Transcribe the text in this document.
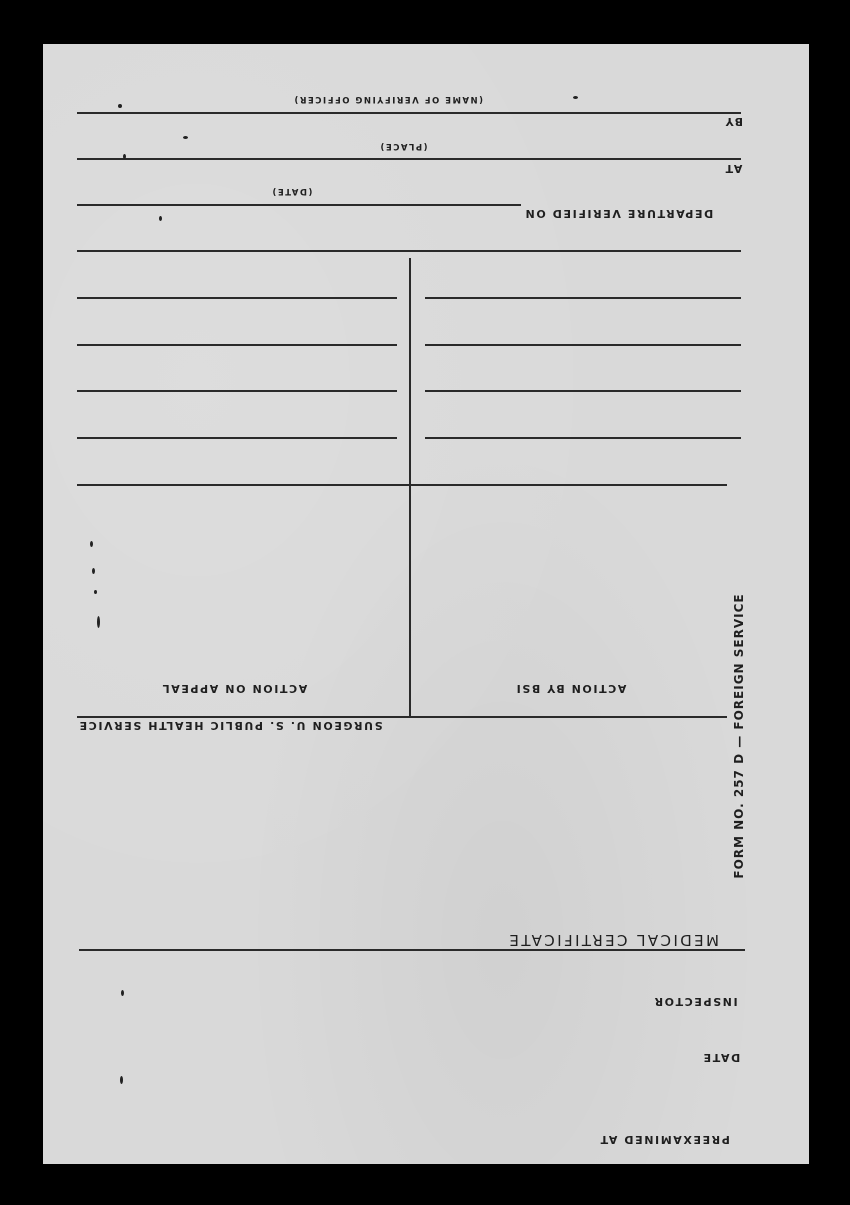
(NAME OF VERIFYING OFFICER)
BY
(PLACE)
AT
(DATE)
DEPARTURE VERIFIED ON
ACTION ON APPEAL	ACTION BY BSI
SURGEON U. S. PUBLIC HEALTH SERVICE	FORM NO. 257 D — FOREIGN SERVICE
MEDICAL CERTIFICATE
INSPECTOR
DATE
PREEXAMINED AT
